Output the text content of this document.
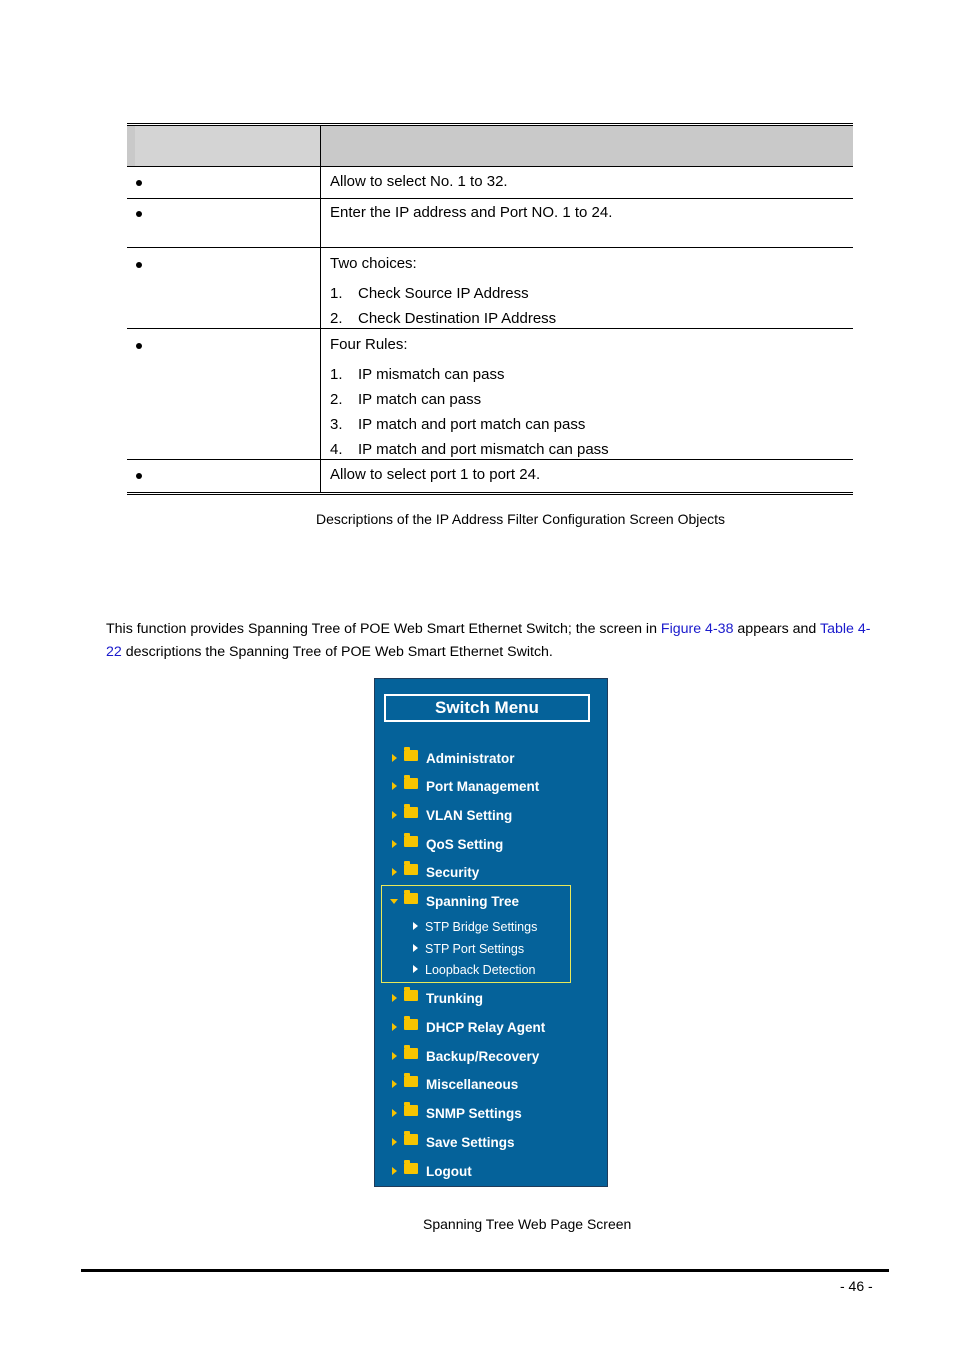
Allow to select No. 1 to 32.
Enter the IP address and Port NO. 1 to 24.
Two choices:
1. Check Source IP Address
2. Check Destination IP Address
Four Rules:
1. IP mismatch can pass
2. IP match can pass
3. IP match and port match can pass
4. IP match and port mismatch can pass
Allow to select port 1 to port 24.
Descriptions of the IP Address Filter Configuration Screen Objects
This function provides Spanning Tree of POE Web Smart Ethernet Switch; the screen in Figure 4-38 appears and Table 4-22 descriptions the Spanning Tree of POE Web Smart Ethernet Switch.
Switch Menu
Administrator
Port Management
VLAN Setting
QoS Setting
Security
Spanning Tree
STP Bridge Settings
STP Port Settings
Loopback Detection
Trunking
DHCP Relay Agent
Backup/Recovery
Miscellaneous
SNMP Settings
Save Settings
Logout
Spanning Tree Web Page Screen
- 46 -
